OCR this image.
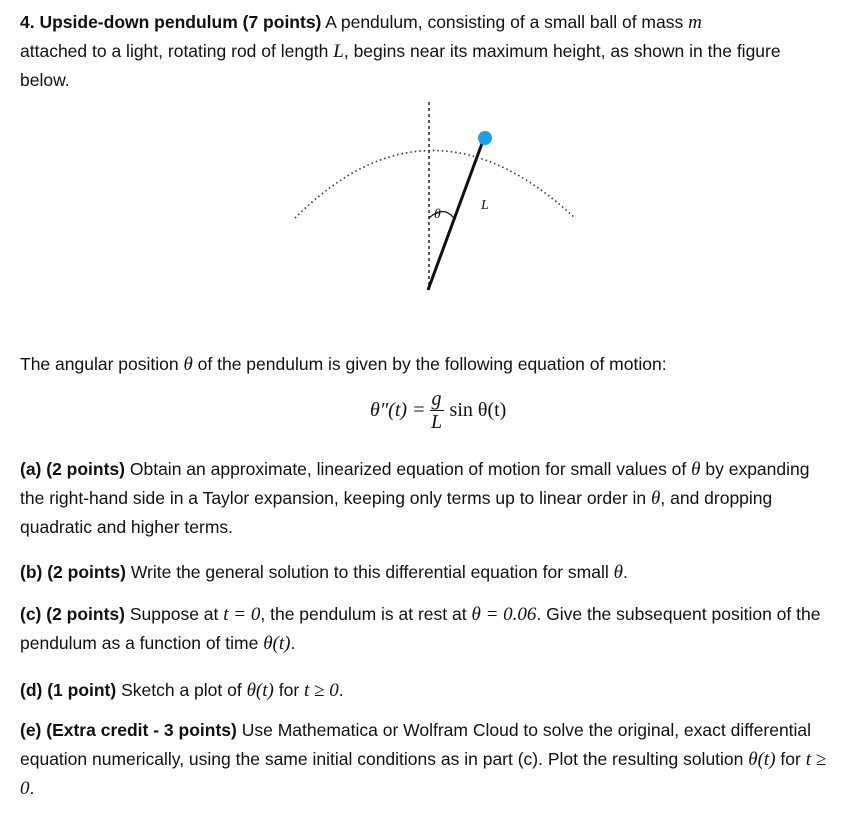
4. Upside-down pendulum (7 points) A pendulum, consisting of a small ball of mass m
attached to a light, rotating rod of length L, begins near its maximum height, as shown in the figure below.

θ
L

The angular position θ of the pendulum is given by the following equation of motion:

$\theta''(t) = \frac{g}{L}$ sin θ(t)

(a) (2 points) Obtain an approximate, linearized equation of motion for small values of θ by expanding the right-hand side in a Taylor expansion, keeping only terms up to linear order in θ, and dropping quadratic and higher terms.

(b) (2 points) Write the general solution to this differential equation for small θ.

(c) (2 points) Suppose at t = 0, the pendulum is at rest at θ = 0.06. Give the subsequent position of the pendulum as a function of time θ(t).

(d) (1 point) Sketch a plot of θ(t) for t ≥ 0.

(e) (Extra credit - 3 points) Use Mathematica or Wolfram Cloud to solve the original, exact differential equation numerically, using the same initial conditions as in part (c). Plot the resulting solution θ(t) for t ≥ 0.
